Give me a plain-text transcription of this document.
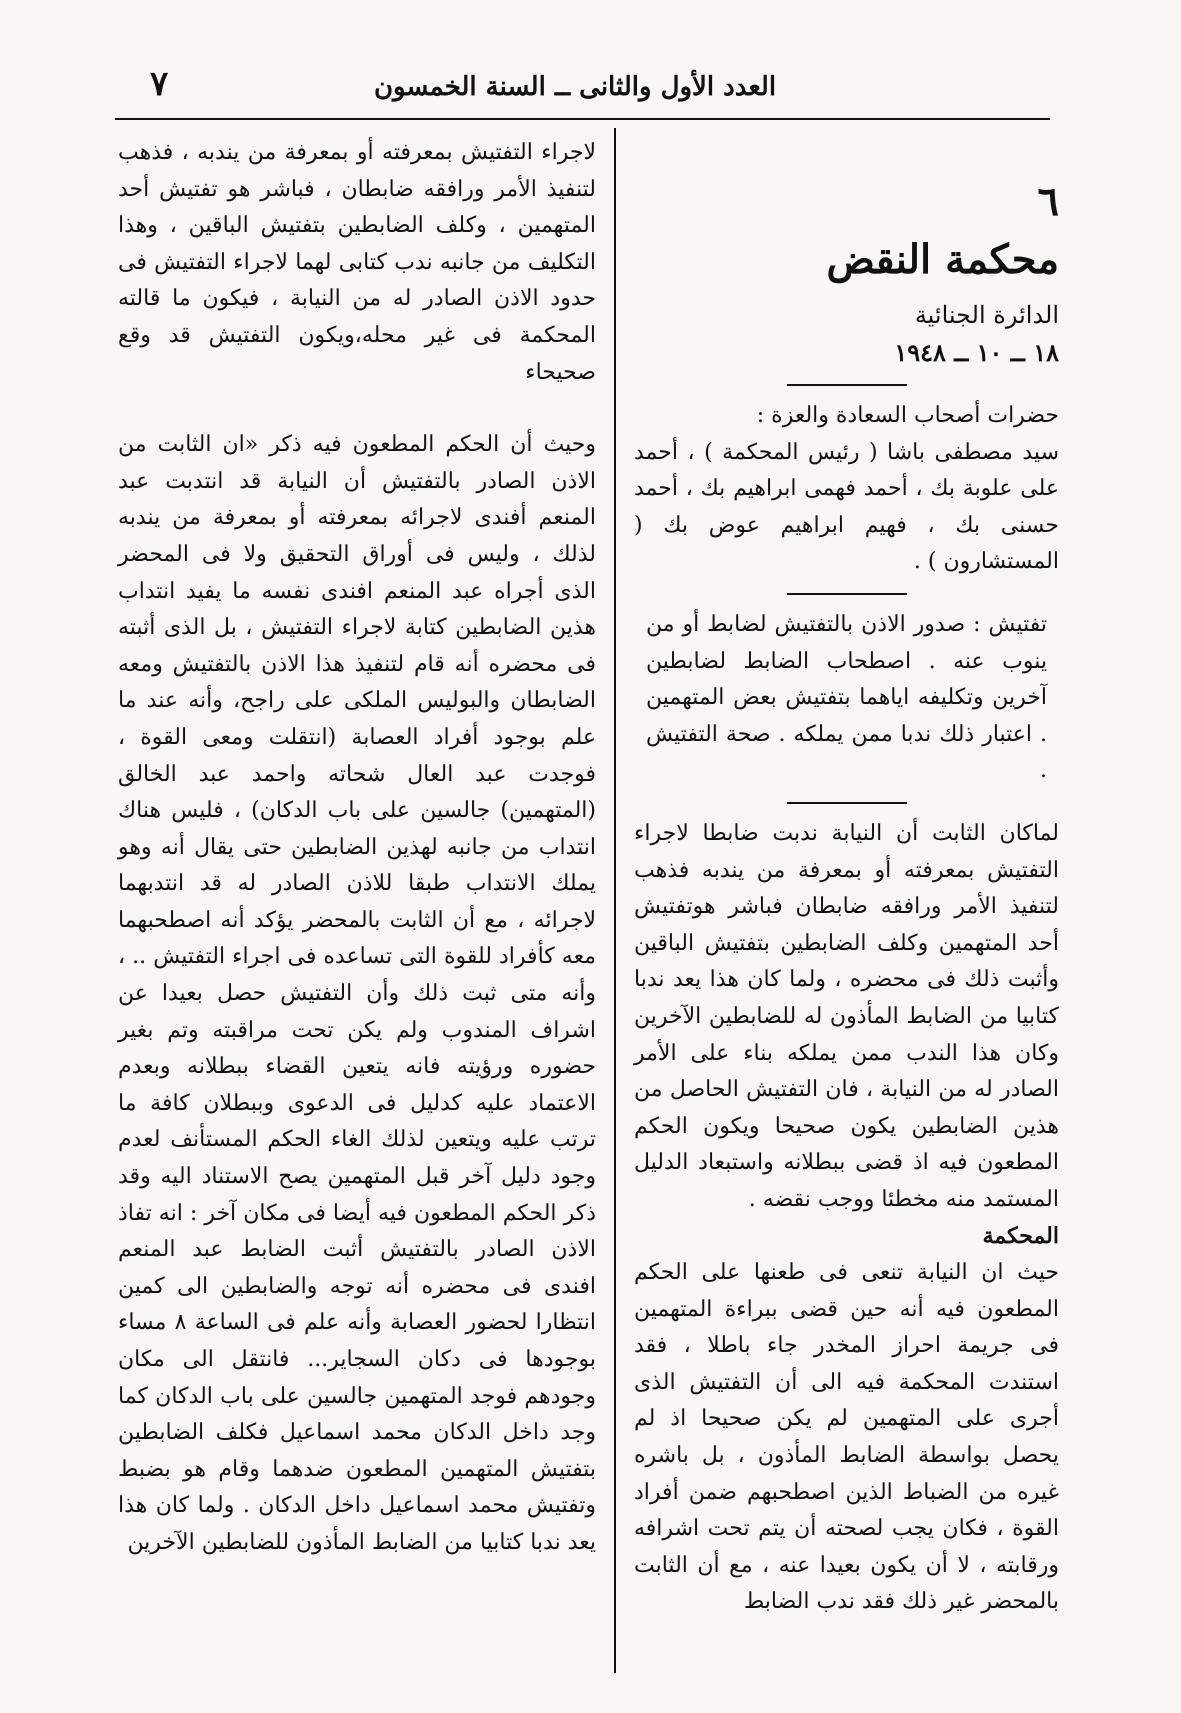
٧	العدد الأول والثانى ــ السنة الخمسون
٦
محكمة النقض
الدائرة الجنائية
١٨ ــ ١٠ ــ ١٩٤٨

حضرات أصحاب السعادة والعزة :

سيد مصطفى باشا ( رئيس المحكمة ) ، أحمد على علوبة بك ، أحمد فهمى ابراهيم بك ، أحمد حسنى بك ، فهيم ابراهيم عوض بك ( المستشارون ) .

تفتيش : صدور الاذن بالتفتيش لضابط أو من ينوب عنه . اصطحاب الضابط لضابطين آخرين وتكليفه اياهما بتفتيش بعض المتهمين . اعتبار ذلك ندبا ممن يملكه . صحة التفتيش .

لماكان الثابت أن النيابة ندبت ضابطا لاجراء التفتيش بمعرفته أو بمعرفة من يندبه فذهب لتنفيذ الأمر ورافقه ضابطان فباشر هوتفتيش أحد المتهمين وكلف الضابطين بتفتيش الباقين وأثبت ذلك فى محضره ، ولما كان هذا يعد ندبا كتابيا من الضابط المأذون له للضابطين الآخرين وكان هذا الندب ممن يملكه بناء على الأمر الصادر له من النيابة ، فان التفتيش الحاصل من هذين الضابطين يكون صحيحا ويكون الحكم المطعون فيه اذ قضى ببطلانه واستبعاد الدليل المستمد منه مخطئا ووجب نقضه .

المحكمة

حيث ان النيابة تنعى فى طعنها على الحكم المطعون فيه أنه حين قضى ببراءة المتهمين فى جريمة احراز المخدر جاء باطلا ، فقد استندت المحكمة فيه الى أن التفتيش الذى أجرى على المتهمين لم يكن صحيحا اذ لم يحصل بواسطة الضابط المأذون ، بل باشره غيره من الضباط الذين اصطحبهم ضمن أفراد القوة ، فكان يجب لصحته أن يتم تحت اشرافه ورقابته ، لا أن يكون بعيدا عنه ، مع أن الثابت بالمحضر غير ذلك فقد ندب الضابط

لاجراء التفتيش بمعرفته أو بمعرفة من يندبه ، فذهب لتنفيذ الأمر ورافقه ضابطان ، فباشر هو تفتيش أحد المتهمين ، وكلف الضابطين بتفتيش الباقين ، وهذا التكليف من جانبه ندب كتابى لهما لاجراء التفتيش فى حدود الاذن الصادر له من النيابة ، فيكون ما قالته المحكمة فى غير محله،ويكون التفتيش قد وقع صحيحاء

وحيث أن الحكم المطعون فيه ذكر «ان الثابت من الاذن الصادر بالتفتيش أن النيابة قد انتدبت عبد المنعم أفندى لاجرائه بمعرفته أو بمعرفة من يندبه لذلك ، وليس فى أوراق التحقيق ولا فى المحضر الذى أجراه عبد المنعم افندى نفسه ما يفيد انتداب هذين الضابطين كتابة لاجراء التفتيش ، بل الذى أثبته فى محضره أنه قام لتنفيذ هذا الاذن بالتفتيش ومعه الضابطان والبوليس الملكى على راجح، وأنه عند ما علم بوجود أفراد العصابة (انتقلت ومعى القوة ، فوجدت عبد العال شحاته واحمد عبد الخالق (المتهمين) جالسين على باب الدكان) ، فليس هناك انتداب من جانبه لهذين الضابطين حتى يقال أنه وهو يملك الانتداب طبقا للاذن الصادر له قد انتدبهما لاجرائه ، مع أن الثابت بالمحضر يؤكد أنه اصطحبهما معه كأفراد للقوة التى تساعده فى اجراء التفتيش .. ، وأنه متى ثبت ذلك وأن التفتيش حصل بعيدا عن اشراف المندوب ولم يكن تحت مراقبته وتم بغير حضوره ورؤيته فانه يتعين القضاء ببطلانه وبعدم الاعتماد عليه كدليل فى الدعوى وببطلان كافة ما ترتب عليه ويتعين لذلك الغاء الحكم المستأنف لعدم وجود دليل آخر قبل المتهمين يصح الاستناد اليه وقد ذكر الحكم المطعون فيه أيضا فى مكان آخر : انه تفاذ الاذن الصادر بالتفتيش أثبت الضابط عبد المنعم افندى فى محضره أنه توجه والضابطين الى كمين انتظارا لحضور العصابة وأنه علم فى الساعة ٨ مساء بوجودها فى دكان السجاير... فانتقل الى مكان وجودهم فوجد المتهمين جالسين على باب الدكان كما وجد داخل الدكان محمد اسماعيل فكلف الضابطين بتفتيش المتهمين المطعون ضدهما وقام هو بضبط وتفتيش محمد اسماعيل داخل الدكان . ولما كان هذا يعد ندبا كتابيا من الضابط المأذون للضابطين الآخرين
